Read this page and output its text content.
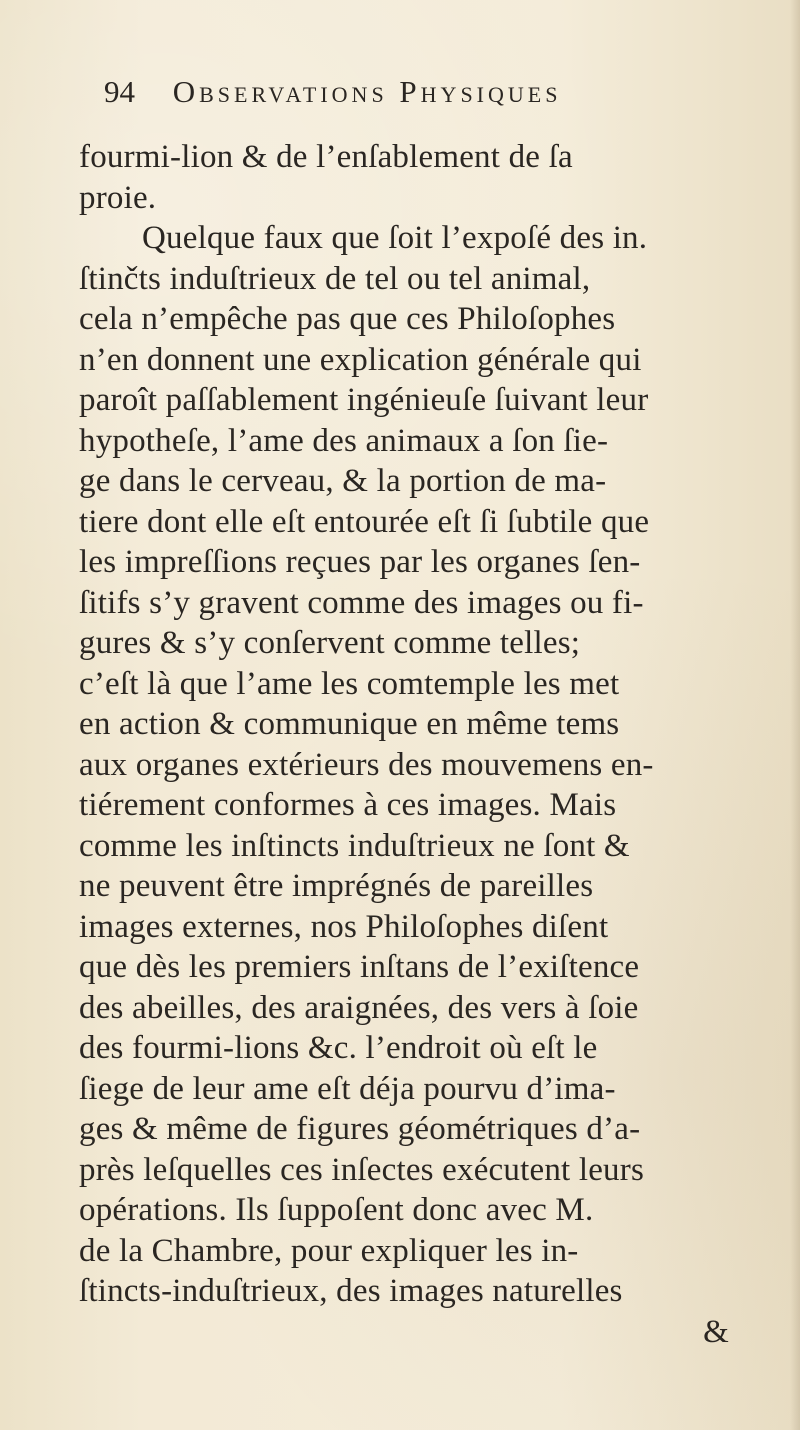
94 Observations Physiques
fourmi-lion & de l’enſablement de ſa
proie.
Quelque faux que ſoit l’expoſé des in.
ſtinčts induſtrieux de tel ou tel animal,
cela n’empêche pas que ces Philoſophes
n’en donnent une explication générale qui
paroît paſſablement ingénieuſe ſuivant leur
hypotheſe, l’ame des animaux a ſon ſie-
ge dans le cerveau, & la portion de ma-
tiere dont elle eſt entourée eſt ſi ſubtile que
les impreſſions reçues par les organes ſen-
ſitifs s’y gravent comme des images ou fi-
gures & s’y conſervent comme telles;
c’eſt là que l’ame les comtemple les met
en action & communique en même tems
aux organes extérieurs des mouvemens en-
tiérement conformes à ces images. Mais
comme les inſtincts induſtrieux ne ſont &
ne peuvent être imprégnés de pareilles
images externes, nos Philoſophes diſent
que dès les premiers inſtans de l’exiſtence
des abeilles, des araignées, des vers à ſoie
des fourmi-lions &c. l’endroit où eſt le
ſiege de leur ame eſt déja pourvu d’ima-
ges & même de figures géométriques d’a-
près leſquelles ces inſectes exécutent leurs
opérations. Ils ſuppoſent donc avec M.
de la Chambre, pour expliquer les in-
ſtincts-induſtrieux, des images naturelles
&
